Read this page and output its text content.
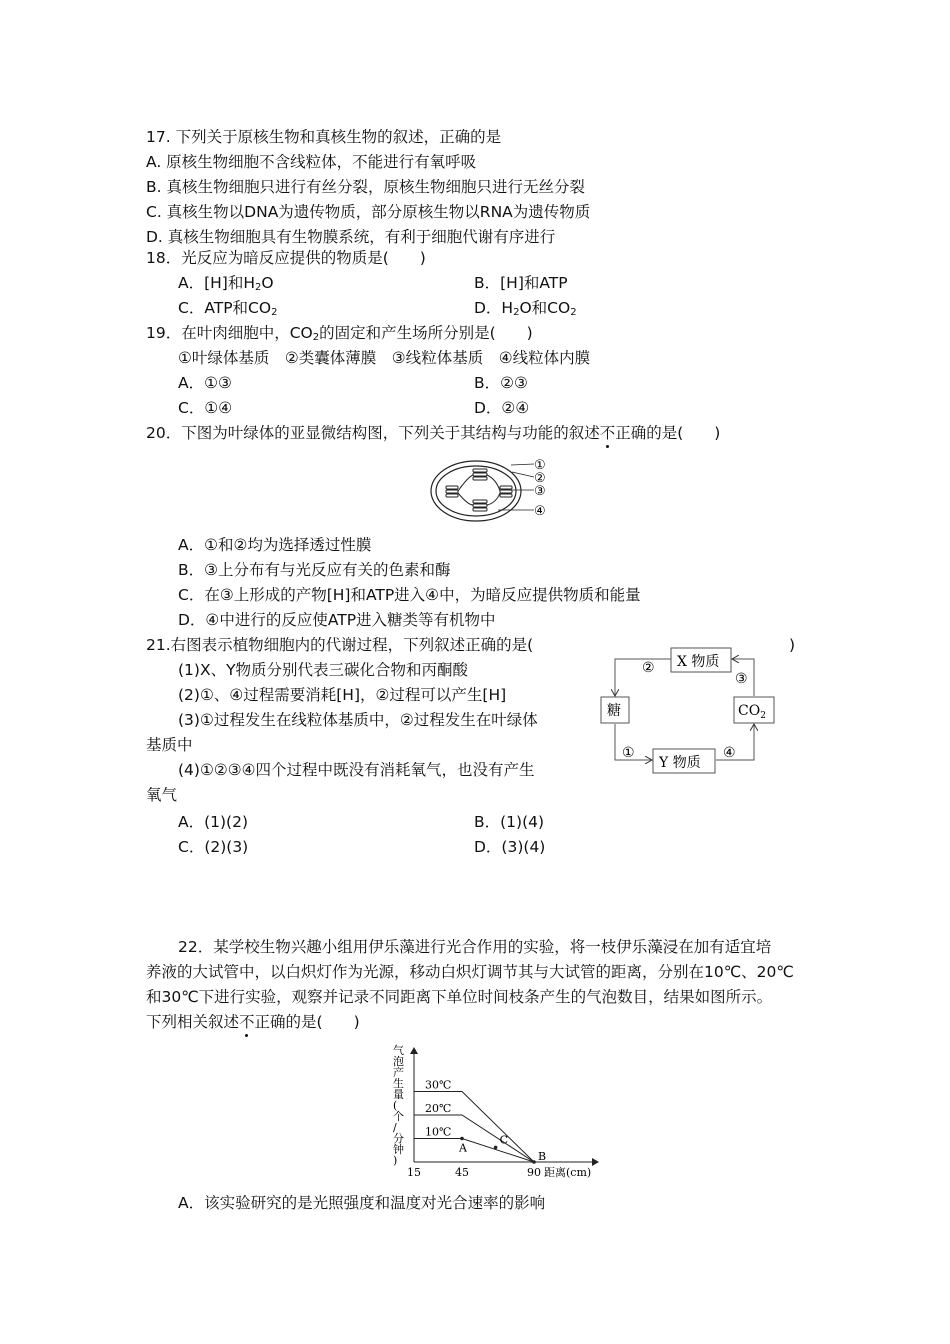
17. 下列关于原核生物和真核生物的叙述，正确的是
A. 原核生物细胞不含线粒体，不能进行有氧呼吸
B. 真核生物细胞只进行有丝分裂，原核生物细胞只进行无丝分裂
C. 真核生物以DNA为遗传物质，部分原核生物以RNA为遗传物质
D. 真核生物细胞具有生物膜系统，有利于细胞代谢有序进行
18．光反应为暗反应提供的物质是(　　)
A．[H]和$H_2O$	B．[H]和ATP
C．ATP和$CO_2$	D．$H_2O$和$CO_2$
19．在叶肉细胞中，$CO_2$的固定和产生场所分别是(　　)
①叶绿体基质　②类囊体薄膜　③线粒体基质　④线粒体内膜
A．①③	B．②③
C．①④	D．②④
20．下图为叶绿体的亚显微结构图，下列关于其结构与功能的叙述不正确的是(　　)
①
②
③
④
A．①和②均为选择透过性膜
B．③上分布有与光反应有关的色素和酶
C．在③上形成的产物[H]和ATP进入④中，为暗反应提供物质和能量
D．④中进行的反应使ATP进入糖类等有机物中
21.右图表示植物细胞内的代谢过程，下列叙述正确的是(	)
(1)X、Y物质分别代表三碳化合物和丙酮酸
(2)①、④过程需要消耗[H]，②过程可以产生[H]
(3)①过程发生在线粒体基质中，②过程发生在叶绿体
基质中
(4)①②③④四个过程中既没有消耗氧气，也没有产生
氧气
A．(1)(2)	B．(1)(4)
C．(2)(3)	D．(3)(4)
X 物质
糖	$CO_2$
Y 物质
②
③
①	④
22．某学校生物兴趣小组用伊乐藻进行光合作用的实验，将一枝伊乐藻浸在加有适宜培
养液的大试管中，以白炽灯作为光源，移动白炽灯调节其与大试管的距离，分别在10℃、20℃
和30℃下进行实验，观察并记录不同距离下单位时间枝条产生的气泡数目，结果如图所示。
下列相关叙述不正确的是(　　)
气
泡
产
生
量
(
个
/
分
钟
)
15	45	90 距离(cm)
30℃
20℃
10℃
A
B
C
A．该实验研究的是光照强度和温度对光合速率的影响
